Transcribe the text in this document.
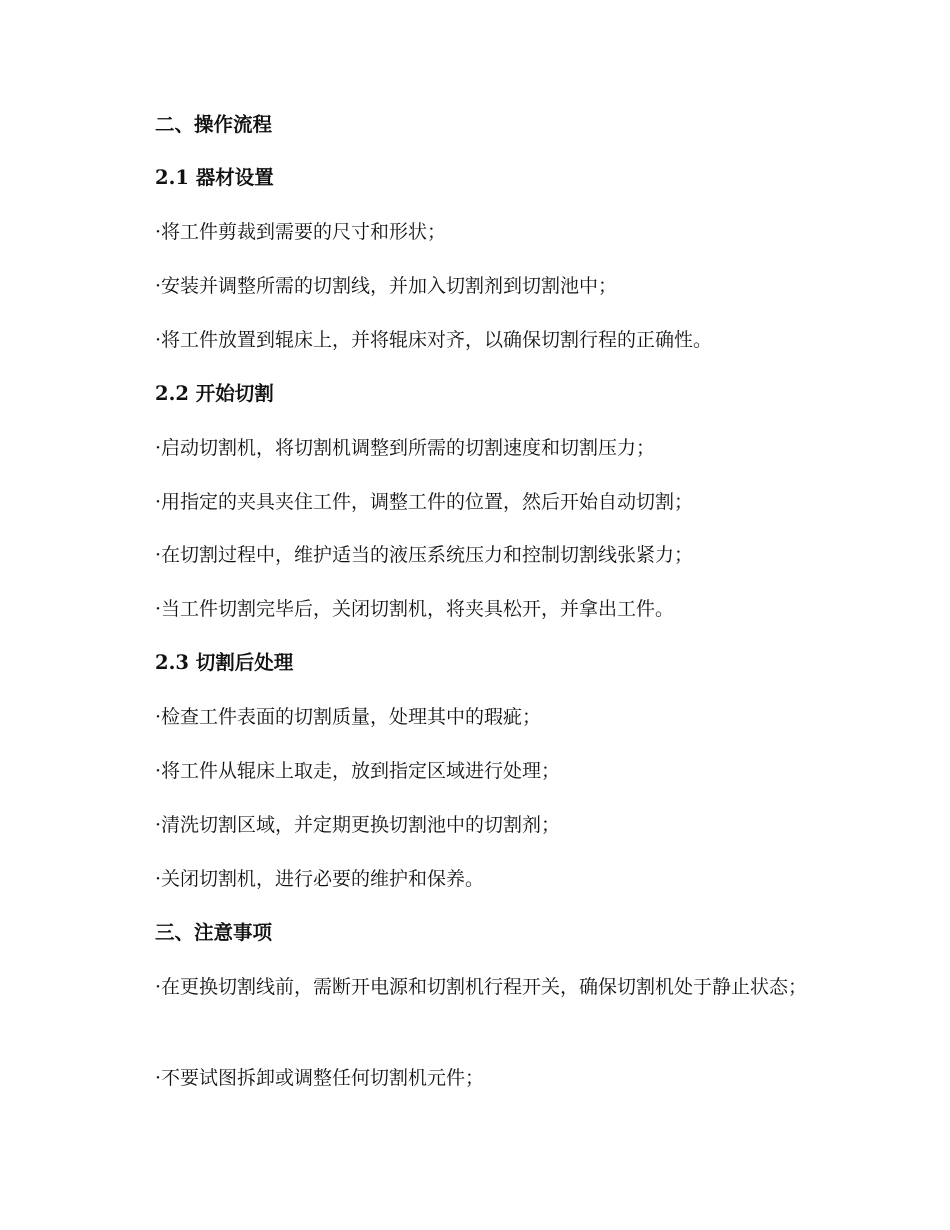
二、操作流程
2.1 器材设置
·将工件剪裁到需要的尺寸和形状；
·安装并调整所需的切割线，并加入切割剂到切割池中；
·将工件放置到辊床上，并将辊床对齐，以确保切割行程的正确性。
2.2 开始切割
·启动切割机，将切割机调整到所需的切割速度和切割压力；
·用指定的夹具夹住工件，调整工件的位置，然后开始自动切割；
·在切割过程中，维护适当的液压系统压力和控制切割线张紧力；
·当工件切割完毕后，关闭切割机，将夹具松开，并拿出工件。
2.3 切割后处理
·检查工件表面的切割质量，处理其中的瑕疵；
·将工件从辊床上取走，放到指定区域进行处理；
·清洗切割区域，并定期更换切割池中的切割剂；
·关闭切割机，进行必要的维护和保养。
三、注意事项
·在更换切割线前，需断开电源和切割机行程开关，确保切割机处于静止状态；
·不要试图拆卸或调整任何切割机元件；
